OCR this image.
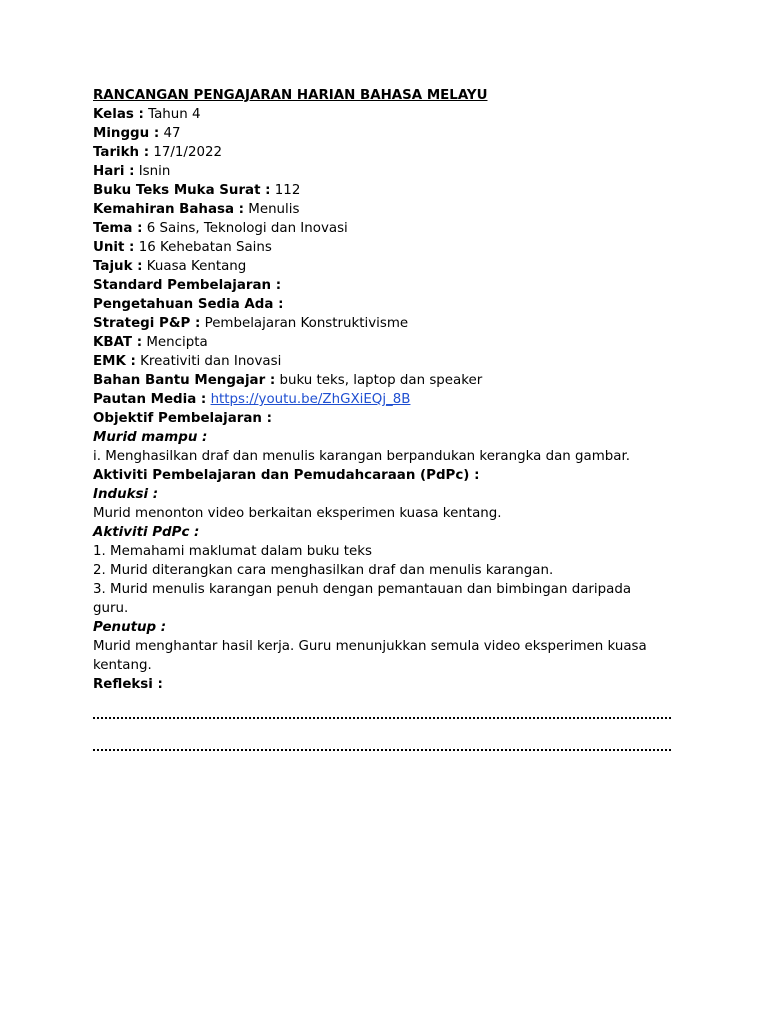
RANCANGAN PENGAJARAN HARIAN BAHASA MELAYU
Kelas : Tahun 4
Minggu : 47
Tarikh : 17/1/2022
Hari : Isnin
Buku Teks Muka Surat : 112
Kemahiran Bahasa : Menulis
Tema : 6 Sains, Teknologi dan Inovasi
Unit : 16 Kehebatan Sains
Tajuk : Kuasa Kentang
Standard Pembelajaran :
Pengetahuan Sedia Ada :
Strategi P&P : Pembelajaran Konstruktivisme
KBAT : Mencipta
EMK : Kreativiti dan Inovasi
Bahan Bantu Mengajar : buku teks, laptop dan speaker
Pautan Media : https://youtu.be/ZhGXiEQj_8B
Objektif Pembelajaran :
Murid mampu :
i. Menghasilkan draf dan menulis karangan berpandukan kerangka dan gambar.
Aktiviti Pembelajaran dan Pemudahcaraan (PdPc) :
Induksi :
Murid menonton video berkaitan eksperimen kuasa kentang.
Aktiviti PdPc :
1. Memahami maklumat dalam buku teks
2. Murid diterangkan cara menghasilkan draf dan menulis karangan.
3. Murid menulis karangan penuh dengan pemantauan dan bimbingan daripada
guru.
Penutup :
Murid menghantar hasil kerja. Guru menunjukkan semula video eksperimen kuasa
kentang.
Refleksi :
